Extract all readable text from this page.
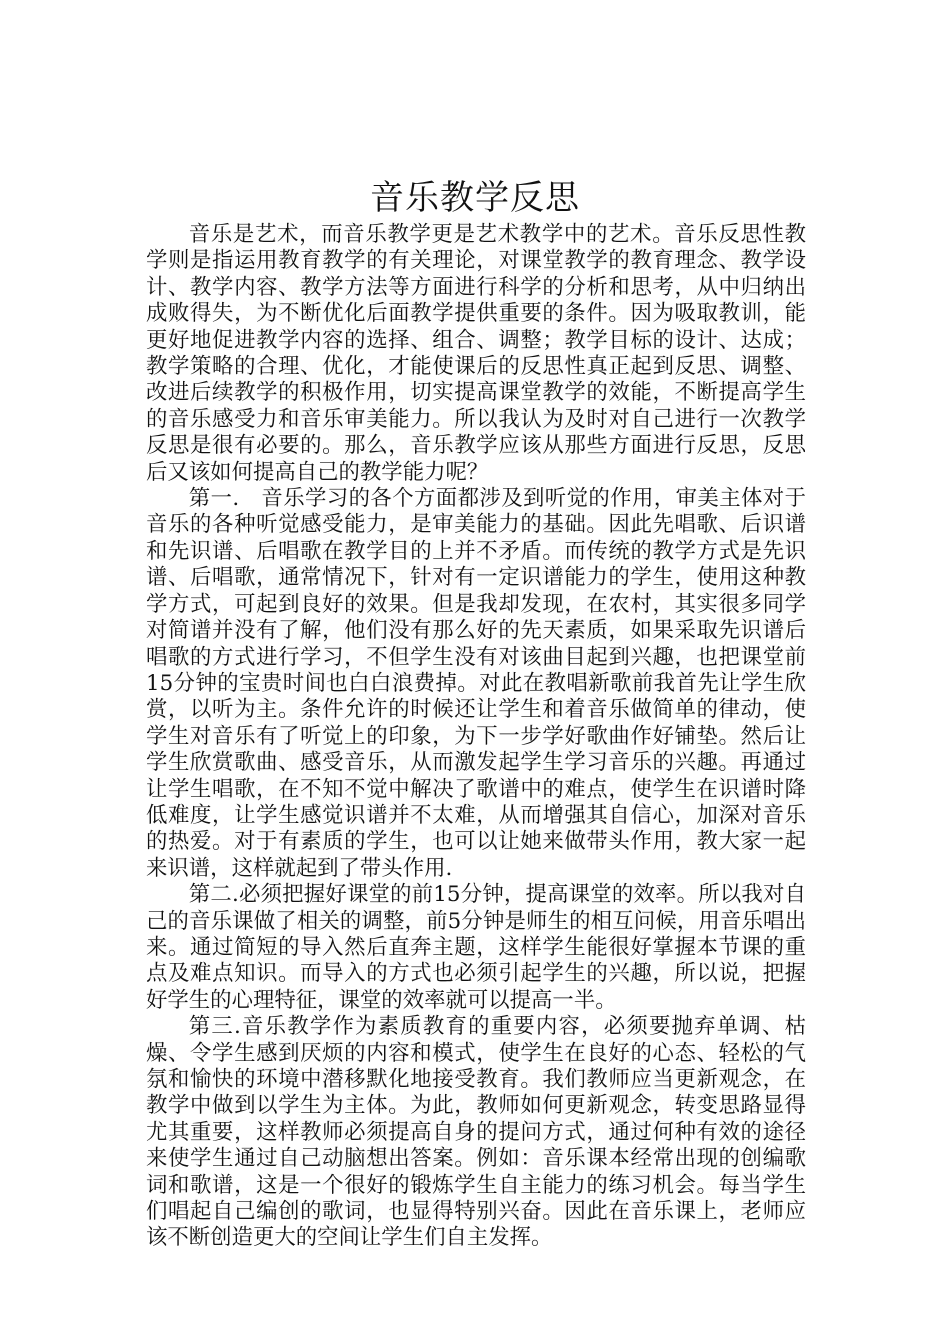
音乐教学反思

音乐是艺术，而音乐教学更是艺术教学中的艺术。音乐反思性教学则是指运用教育教学的有关理论，对课堂教学的教育理念、教学设计、教学内容、教学方法等方面进行科学的分析和思考，从中归纳出成败得失，为不断优化后面教学提供重要的条件。因为吸取教训，能更好地促进教学内容的选择、组合、调整；教学目标的设计、达成；教学策略的合理、优化，才能使课后的反思性真正起到反思、调整、改进后续教学的积极作用，切实提高课堂教学的效能，不断提高学生的音乐感受力和音乐审美能力。所以我认为及时对自己进行一次教学反思是很有必要的。那么，音乐教学应该从那些方面进行反思，反思后又该如何提高自己的教学能力呢？

第一.　音乐学习的各个方面都涉及到听觉的作用，审美主体对于音乐的各种听觉感受能力，是审美能力的基础。因此先唱歌、后识谱和先识谱、后唱歌在教学目的上并不矛盾。而传统的教学方式是先识谱、后唱歌，通常情况下，针对有一定识谱能力的学生，使用这种教学方式，可起到良好的效果。但是我却发现，在农村，其实很多同学对简谱并没有了解，他们没有那么好的先天素质，如果采取先识谱后唱歌的方式进行学习，不但学生没有对该曲目起到兴趣，也把课堂前15分钟的宝贵时间也白白浪费掉。对此在教唱新歌前我首先让学生欣赏，以听为主。条件允许的时候还让学生和着音乐做简单的律动，使学生对音乐有了听觉上的印象，为下一步学好歌曲作好铺垫。然后让学生欣赏歌曲、感受音乐，从而激发起学生学习音乐的兴趣。再通过让学生唱歌，在不知不觉中解决了歌谱中的难点，使学生在识谱时降低难度，让学生感觉识谱并不太难，从而增强其自信心，加深对音乐的热爱。对于有素质的学生，也可以让她来做带头作用，教大家一起来识谱，这样就起到了带头作用.

第二.必须把握好课堂的前15分钟，提高课堂的效率。所以我对自己的音乐课做了相关的调整，前5分钟是师生的相互问候，用音乐唱出来。通过简短的导入然后直奔主题，这样学生能很好掌握本节课的重点及难点知识。而导入的方式也必须引起学生的兴趣，所以说，把握好学生的心理特征，课堂的效率就可以提高一半。

第三.音乐教学作为素质教育的重要内容，必须要抛弃单调、枯燥、令学生感到厌烦的内容和模式，使学生在良好的心态、轻松的气氛和愉快的环境中潜移默化地接受教育。我们教师应当更新观念，在教学中做到以学生为主体。为此，教师如何更新观念，转变思路显得尤其重要，这样教师必须提高自身的提问方式，通过何种有效的途径来使学生通过自己动脑想出答案。例如：音乐课本经常出现的创编歌词和歌谱，这是一个很好的锻炼学生自主能力的练习机会。每当学生们唱起自己编创的歌词，也显得特别兴奋。因此在音乐课上，老师应该不断创造更大的空间让学生们自主发挥。
